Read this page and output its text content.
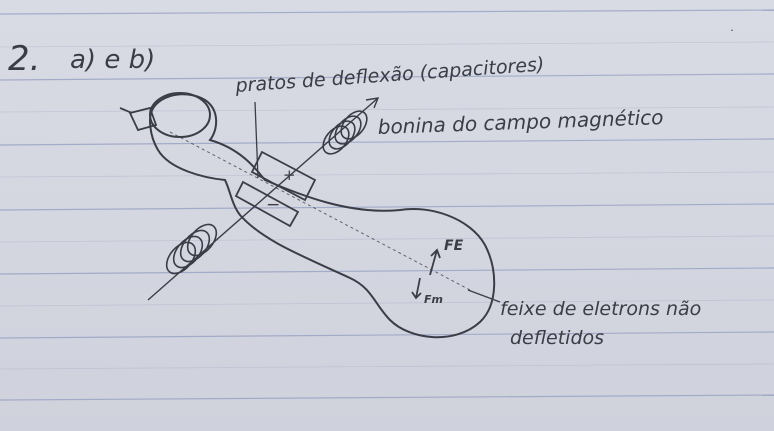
2. a) e b)	pratos de deflexão (capacitores)
bonina do campo magnético
+
−
FE
Fm	feixe de eletrons não
defletidos
·
